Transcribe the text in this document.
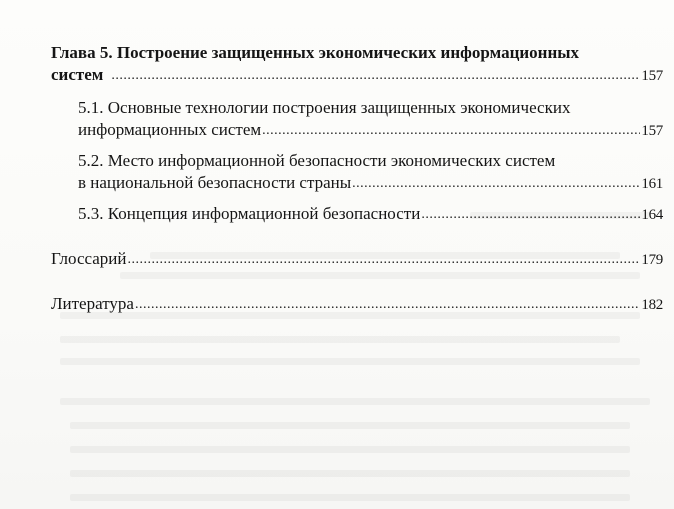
Глава 5. Построение защищенных экономических информационных
систем .....	157
5.1. Основные технологии построения защищенных экономических
информационных систем .....	157
5.2. Место информационной безопасности экономических систем
в национальной безопасности страны .....	161
5.3. Концепция информационной безопасности .....	164
Глоссарий .....	179
Литература .....	182
